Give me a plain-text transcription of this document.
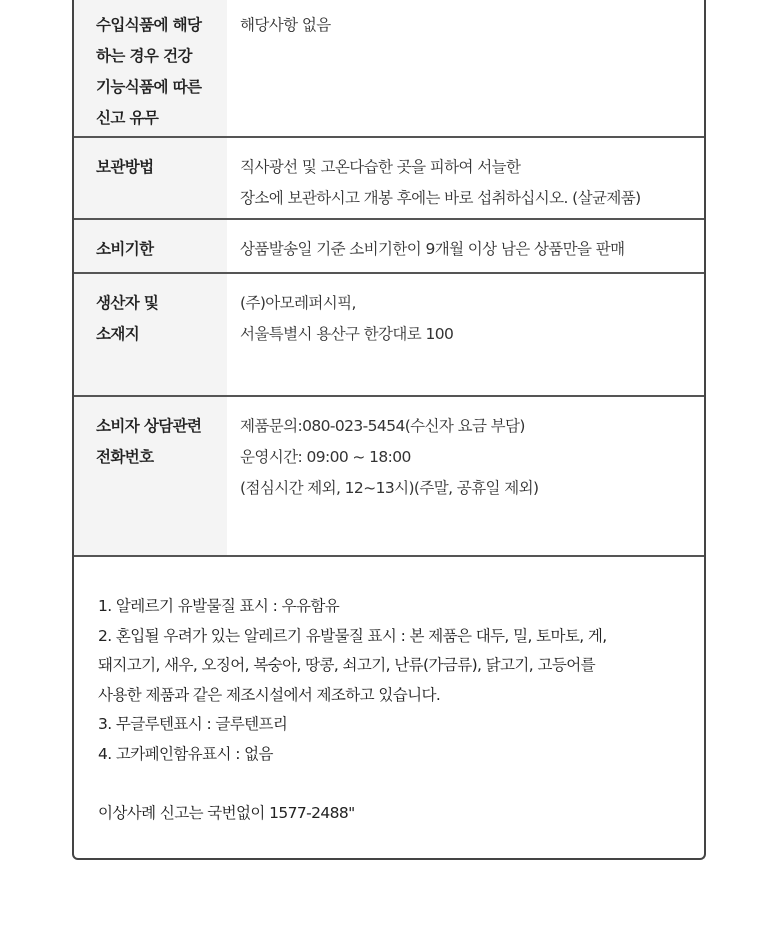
수입식품에 해당
하는 경우 건강
기능식품에 따른
신고 유무
해당사항 없음
보관방법	직사광선 및 고온다습한 곳을 피하여 서늘한
장소에 보관하시고 개봉 후에는 바로 섭취하십시오. (살균제품)
소비기한	상품발송일 기준 소비기한이 9개월 이상 남은 상품만을 판매
생산자 및
소재지
(주)아모레퍼시픽,
서울특별시 용산구 한강대로 100
소비자 상담관련
전화번호
제품문의:080-023-5454(수신자 요금 부담)
운영시간: 09:00 ~ 18:00
(점심시간 제외, 12~13시)(주말, 공휴일 제외)
1. 알레르기 유발물질 표시 : 우유함유
2. 혼입될 우려가 있는 알레르기 유발물질 표시 : 본 제품은 대두, 밀, 토마토, 게,
돼지고기, 새우, 오징어, 복숭아, 땅콩, 쇠고기, 난류(가금류), 닭고기, 고등어를
사용한 제품과 같은 제조시설에서 제조하고 있습니다.
3. 무글루텐표시 : 글루텐프리
4. 고카페인함유표시 : 없음
이상사례 신고는 국번없이 1577-2488"
